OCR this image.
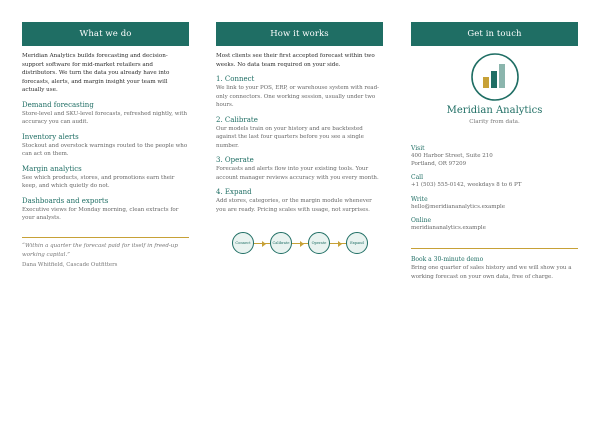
What we do

Meridian Analytics builds forecasting and decision-support software for mid-market retailers and distributors. We turn the data you already have into forecasts, alerts, and margin insight your team will actually use.

Demand forecasting
Store-level and SKU-level forecasts, refreshed nightly, with accuracy you can audit.
Inventory alerts
Stockout and overstock warnings routed to the people who can act on them.
Margin analytics
See which products, stores, and promotions earn their keep, and which quietly do not.
Dashboards and exports
Executive views for Monday morning, clean extracts for your analysts.

“Within a quarter the forecast paid for itself in freed-up working capital.”

Dana Whitfield, Cascade Outfitters

How it works

Most clients see their first accepted forecast within two weeks. No data team required on your side.

1. Connect
We link to your POS, ERP, or warehouse system with read-only connectors. One working session, usually under two hours.
2. Calibrate
Our models train on your history and are backtested against the last four quarters before you see a single number.
3. Operate
Forecasts and alerts flow into your existing tools. Your account manager reviews accuracy with you every month.
4. Expand
Add stores, categories, or the margin module whenever you are ready. Pricing scales with usage, not surprises.
Connect	Calibrate	Operate	Expand
Get in touch
Meridian Analytics
Clarity from data.
Visit
400 Harbor Street, Suite 210
Portland, OR 97209
Call
+1 (503) 555-0142, weekdays 8 to 6 PT
Write
hello@meridiananalytics.example
Online
meridiananalytics.example
Book a 30-minute demo

Bring one quarter of sales history and we will show you a working forecast on your own data, free of charge.
